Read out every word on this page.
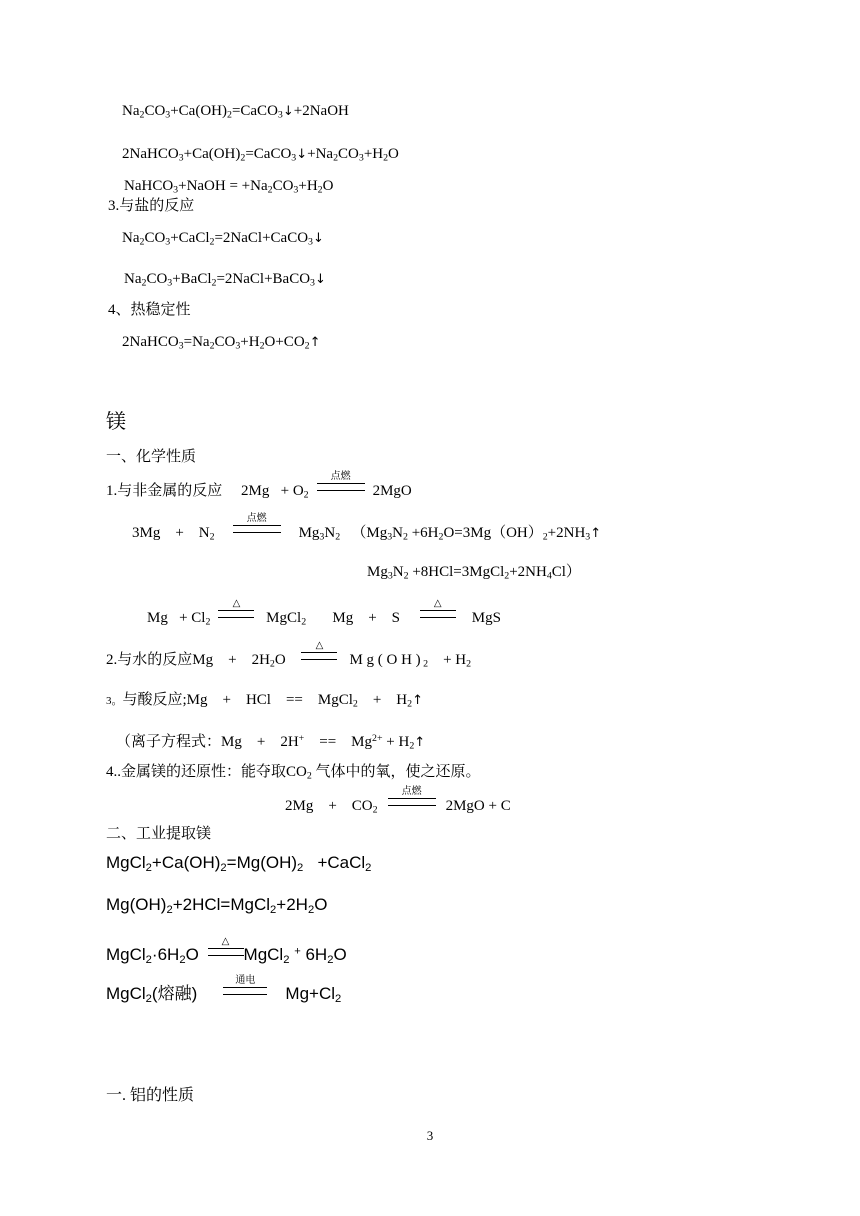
$Na_2CO_3+Ca(OH)_2=CaCO_3↓+2NaOH$
$2NaHCO_3+Ca(OH)_2=CaCO_3↓+Na_2CO_3+H_2O$
NaHCO$_3$+NaOH = $+Na_2CO_3+H_2O$
3.与盐的反应
$Na_2CO_3+CaCl_2=2NaCl+CaCO_3↓$
$Na_2CO_3+BaCl_2=2NaCl+BaCO_3↓$
4、热稳定性
$2NaHCO_3=Na_2CO_3+H_2O+CO_2↑$
镁
一、化学性质
1.与非金属的反应     $2Mg + O_2$
点燃
2MgO
3Mg    +    $N_2$
点燃
$Mg_3N_2$   （$Mg_3N_2$ $+6H_2O=3Mg(OH)_2+2NH_3↑$
$Mg_3N_2$ $+8HCl=3MgCl_2+2NH_4Cl$）
$Mg + Cl_2$
△
MgCl$_2$       Mg    +    S
△
MgS
2.与水的反应Mg    +    $2H_2O$
△
M g ( O H ) $_2$    + $H_2$
3。与酸反应;Mg    +    HCl    ==    MgCl$_2$    +    $H_2↑$
（离子方程式：Mg    +    2H+    ==    $Mg^{2+}$ + $H_2↑$
4..金属镁的还原性：能夺取$CO_2$ 气体中的氧，使之还原。
2Mg    +    $CO_2$
点燃
2MgO + C
二、工业提取镁
$MgCl_2+Ca(OH)_2=Mg(OH)_2$   +CaCl$_2$
$Mg(OH)_2+2HCl=MgCl_2+2H_2O$
$MgCl_2\cdot 6H_2O$
△
MgCl$_2$ + $6H_2O$
MgCl$_2$(熔融)
通电
$Mg+Cl_2$
一. 铝的性质
3
